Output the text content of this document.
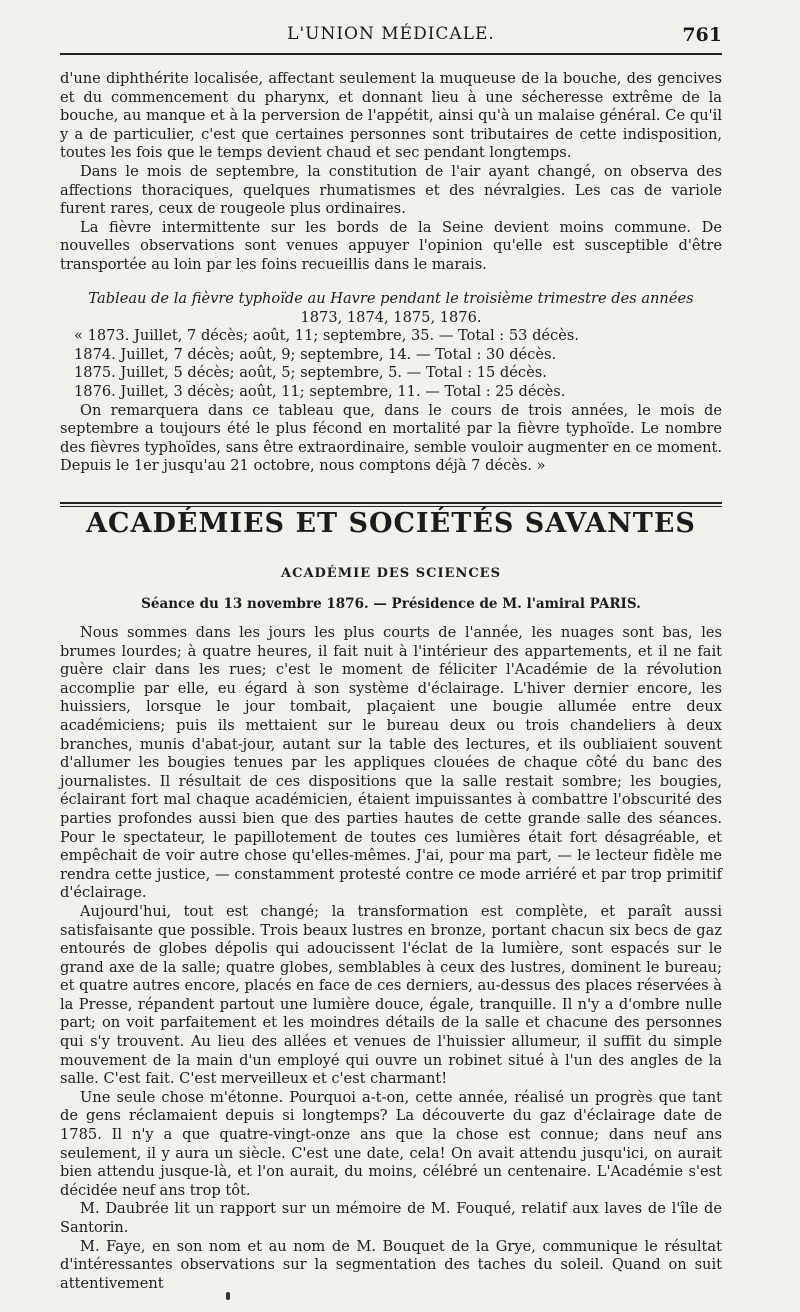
L'UNION MÉDICALE.	761

d'une diphthérite localisée, affectant seulement la muqueuse de la bouche, des gencives et du commencement du pharynx, et donnant lieu à une sécheresse extrême de la bouche, au manque et à la perversion de l'appétit, ainsi qu'à un malaise général. Ce qu'il y a de particulier, c'est que certaines personnes sont tributaires de cette indisposition, toutes les fois que le temps devient chaud et sec pendant longtemps.

Dans le mois de septembre, la constitution de l'air ayant changé, on observa des affections thoraciques, quelques rhumatismes et des névralgies. Les cas de variole furent rares, ceux de rougeole plus ordinaires.

La fièvre intermittente sur les bords de la Seine devient moins commune. De nouvelles observations sont venues appuyer l'opinion qu'elle est susceptible d'être transportée au loin par les foins recueillis dans le marais.

Tableau de la fièvre typhoïde au Havre pendant le troisième trimestre des années

1873, 1874, 1875, 1876.

« 1873. Juillet, 7 décès; août, 11; septembre, 35. — Total : 53 décès.

1874. Juillet, 7 décès; août, 9; septembre, 14. — Total : 30 décès.

1875. Juillet, 5 décès; août, 5; septembre, 5. — Total : 15 décès.

1876. Juillet, 3 décès; août, 11; septembre, 11. — Total : 25 décès.

On remarquera dans ce tableau que, dans le cours de trois années, le mois de septembre a toujours été le plus fécond en mortalité par la fièvre typhoïde. Le nombre des fièvres typhoïdes, sans être extraordinaire, semble vouloir augmenter en ce moment. Depuis le 1er jusqu'au 21 octobre, nous comptons déjà 7 décès. »

ACADÉMIES ET SOCIÉTÉS SAVANTES
ACADÉMIE DES SCIENCES
Séance du 13 novembre 1876. — Présidence de M. l'amiral PARIS.

Nous sommes dans les jours les plus courts de l'année, les nuages sont bas, les brumes lourdes; à quatre heures, il fait nuit à l'intérieur des appartements, et il ne fait guère clair dans les rues; c'est le moment de féliciter l'Académie de la révolution accomplie par elle, eu égard à son système d'éclairage. L'hiver dernier encore, les huissiers, lorsque le jour tombait, plaçaient une bougie allumée entre deux académiciens; puis ils mettaient sur le bureau deux ou trois chandeliers à deux branches, munis d'abat-jour, autant sur la table des lectures, et ils oubliaient souvent d'allumer les bougies tenues par les appliques clouées de chaque côté du banc des journalistes. Il résultait de ces dispositions que la salle restait sombre; les bougies, éclairant fort mal chaque académicien, étaient impuissantes à combattre l'obscurité des parties profondes aussi bien que des parties hautes de cette grande salle des séances. Pour le spectateur, le papillotement de toutes ces lumières était fort désagréable, et empêchait de voir autre chose qu'elles-mêmes. J'ai, pour ma part, — le lecteur fidèle me rendra cette justice, — constamment protesté contre ce mode arriéré et par trop primitif d'éclairage.

Aujourd'hui, tout est changé; la transformation est complète, et paraît aussi satisfaisante que possible. Trois beaux lustres en bronze, portant chacun six becs de gaz entourés de globes dépolis qui adoucissent l'éclat de la lumière, sont espacés sur le grand axe de la salle; quatre globes, semblables à ceux des lustres, dominent le bureau; et quatre autres encore, placés en face de ces derniers, au-dessus des places réservées à la Presse, répandent partout une lumière douce, égale, tranquille. Il n'y a d'ombre nulle part; on voit parfaitement et les moindres détails de la salle et chacune des personnes qui s'y trouvent. Au lieu des allées et venues de l'huissier allumeur, il suffit du simple mouvement de la main d'un employé qui ouvre un robinet situé à l'un des angles de la salle. C'est fait. C'est merveilleux et c'est charmant!

Une seule chose m'étonne. Pourquoi a-t-on, cette année, réalisé un progrès que tant de gens réclamaient depuis si longtemps? La découverte du gaz d'éclairage date de 1785. Il n'y a que quatre-vingt-onze ans que la chose est connue; dans neuf ans seulement, il y aura un siècle. C'est une date, cela! On avait attendu jusqu'ici, on aurait bien attendu jusque-là, et l'on aurait, du moins, célébré un centenaire. L'Académie s'est décidée neuf ans trop tôt.

M. Daubrée lit un rapport sur un mémoire de M. Fouqué, relatif aux laves de l'île de Santorin.

M. Faye, en son nom et au nom de M. Bouquet de la Grye, communique le résultat d'intéressantes observations sur la segmentation des taches du soleil. Quand on suit attentivement
